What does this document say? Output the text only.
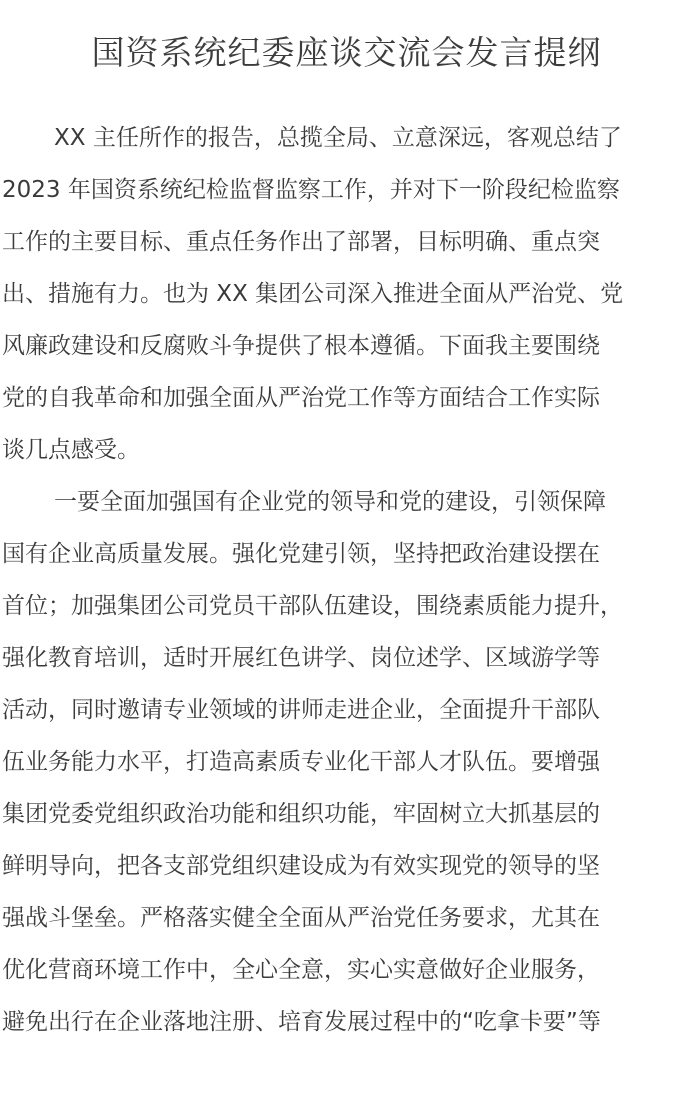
国资系统纪委座谈交流会发言提纲
XX 主任所作的报告，总揽全局、立意深远，客观总结了
2023 年国资系统纪检监督监察工作，并对下一阶段纪检监察
工作的主要目标、重点任务作出了部署，目标明确、重点突
出、措施有力。也为 XX 集团公司深入推进全面从严治党、党
风廉政建设和反腐败斗争提供了根本遵循。下面我主要围绕
党的自我革命和加强全面从严治党工作等方面结合工作实际
谈几点感受。
一要全面加强国有企业党的领导和党的建设，引领保障
国有企业高质量发展。强化党建引领，坚持把政治建设摆在
首位；加强集团公司党员干部队伍建设，围绕素质能力提升，
强化教育培训，适时开展红色讲学、岗位述学、区域游学等
活动，同时邀请专业领域的讲师走进企业，全面提升干部队
伍业务能力水平，打造高素质专业化干部人才队伍。要增强
集团党委党组织政治功能和组织功能，牢固树立大抓基层的
鲜明导向，把各支部党组织建设成为有效实现党的领导的坚
强战斗堡垒。严格落实健全全面从严治党任务要求，尤其在
优化营商环境工作中，全心全意，实心实意做好企业服务，
避免出行在企业落地注册、培育发展过程中的“吃拿卡要”等
